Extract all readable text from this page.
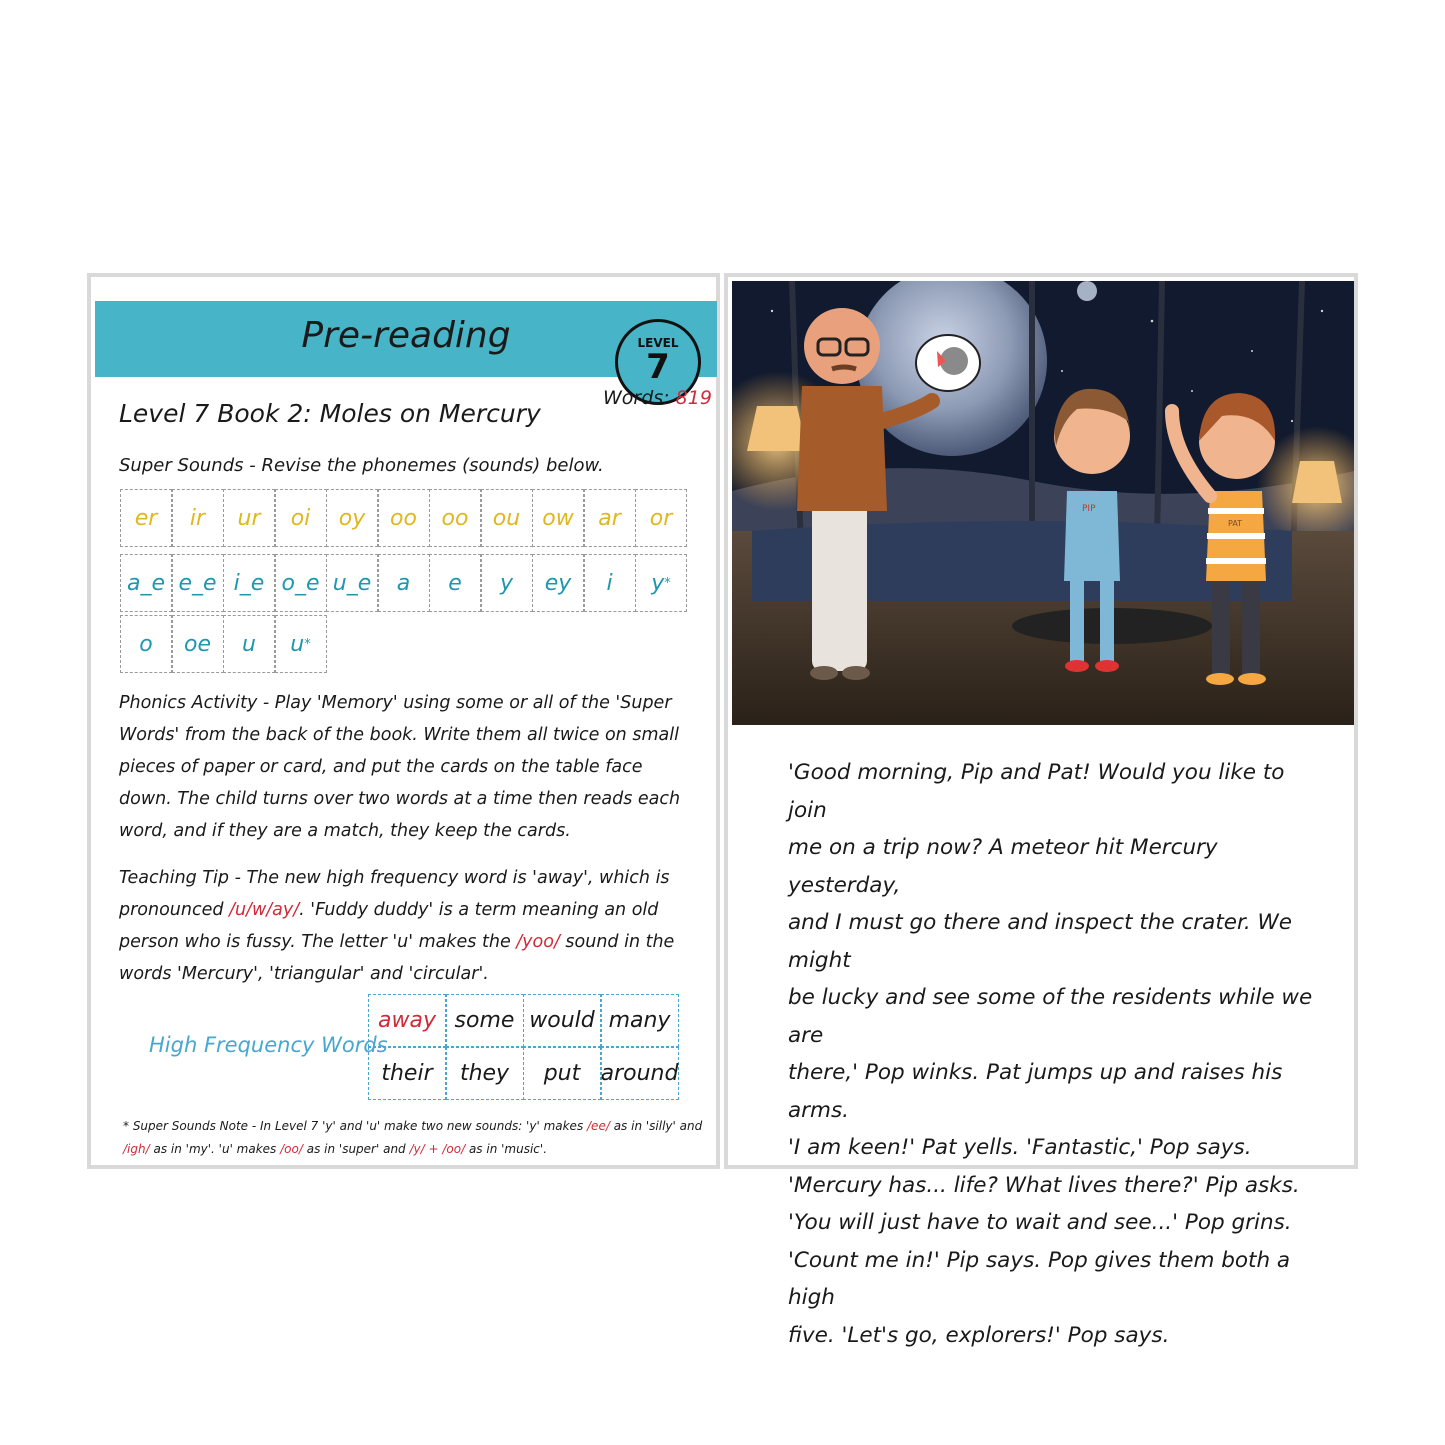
Pre-reading	LEVEL
7
Words: 819
Level 7 Book 2: Moles on Mercury
Super Sounds - Revise the phonemes (sounds) below.
er ir ur oi oy oo oo ou ow ar or
a_e e_e i_e o_e u_e a e y ey i y *
o oe u u *
Phonics Activity - Play 'Memory' using some or all of the 'Super Words' from the back of the book. Write them all twice on small pieces of paper or card, and put the cards on the table face down. The child turns over two words at a time then reads each word, and if they are a match, they keep the cards.
Teaching Tip - The new high frequency word is 'away', which is pronounced /u/w/ay/. 'Fuddy duddy' is a term meaning an old person who is fussy. The letter 'u' makes the /yoo/ sound in the words 'Mercury', 'triangular' and 'circular'.
High Frequency Words
away some would many
their	they	put around
* Super Sounds Note - In Level 7 'y' and 'u' make two new sounds: 'y' makes /ee/ as in 'silly' and /igh/ as in 'my'. 'u' makes /oo/ as in 'super' and /y/ + /oo/ as in 'music'.
PIP
PAT
'Good morning, Pip and Pat! Would you like to join
me on a trip now? A meteor hit Mercury yesterday,
and I must go there and inspect the crater. We might
be lucky and see some of the residents while we are
there,' Pop winks. Pat jumps up and raises his arms.
'I am keen!' Pat yells. 'Fantastic,' Pop says.
'Mercury has... life? What lives there?' Pip asks.
'You will just have to wait and see...' Pop grins.
'Count me in!' Pip says. Pop gives them both a high
five. 'Let's go, explorers!' Pop says.
